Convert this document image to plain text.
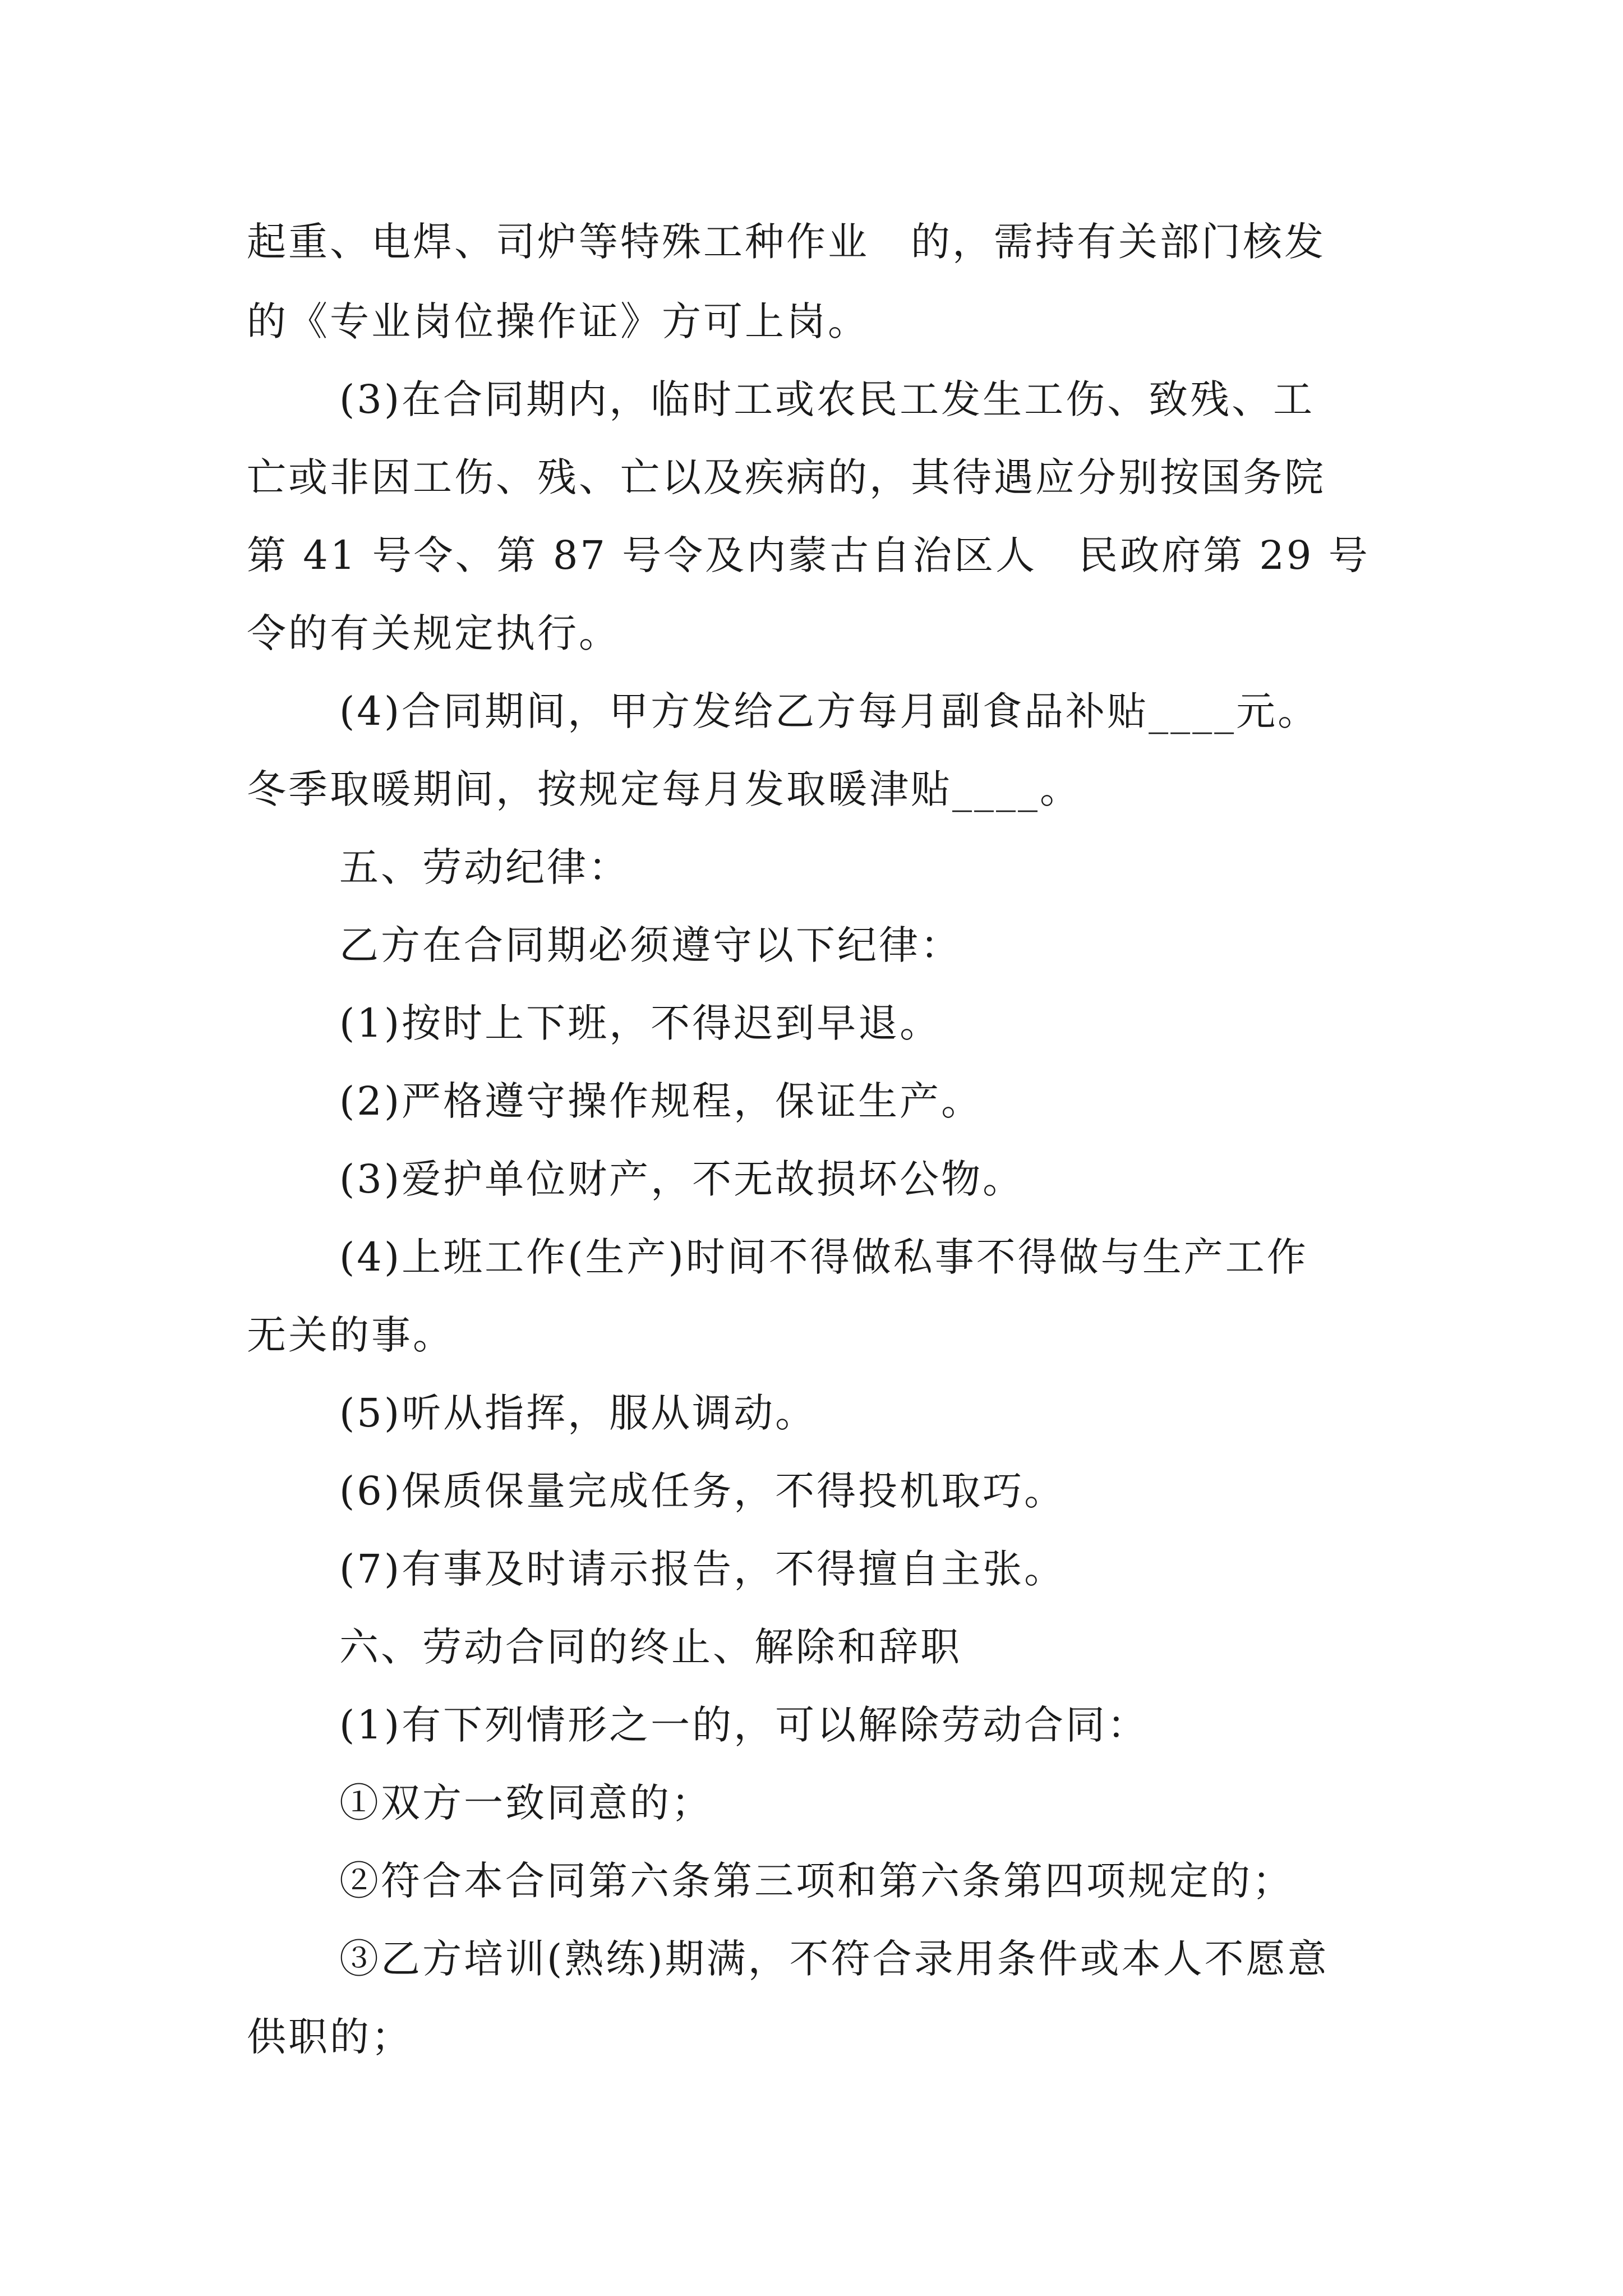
起重、电焊、司炉等特殊工种作业　的，需持有关部门核发
的《专业岗位操作证》方可上岗。
(3)在合同期内，临时工或农民工发生工伤、致残、工
亡或非因工伤、残、亡以及疾病的，其待遇应分别按国务院
第 41 号令、第 87 号令及内蒙古自治区人　民政府第 29 号
令的有关规定执行。
(4)合同期间，甲方发给乙方每月副食品补贴____元。
冬季取暖期间，按规定每月发取暖津贴____。
五、劳动纪律：
乙方在合同期必须遵守以下纪律：
(1)按时上下班，不得迟到早退。
(2)严格遵守操作规程，保证生产。
(3)爱护单位财产，不无故损坏公物。
(4)上班工作(生产)时间不得做私事不得做与生产工作
无关的事。
(5)听从指挥，服从调动。
(6)保质保量完成任务，不得投机取巧。
(7)有事及时请示报告，不得擅自主张。
六、劳动合同的终止、解除和辞职
(1)有下列情形之一的，可以解除劳动合同：
①双方一致同意的；
②符合本合同第六条第三项和第六条第四项规定的；
③乙方培训(熟练)期满，不符合录用条件或本人不愿意
供职的；
